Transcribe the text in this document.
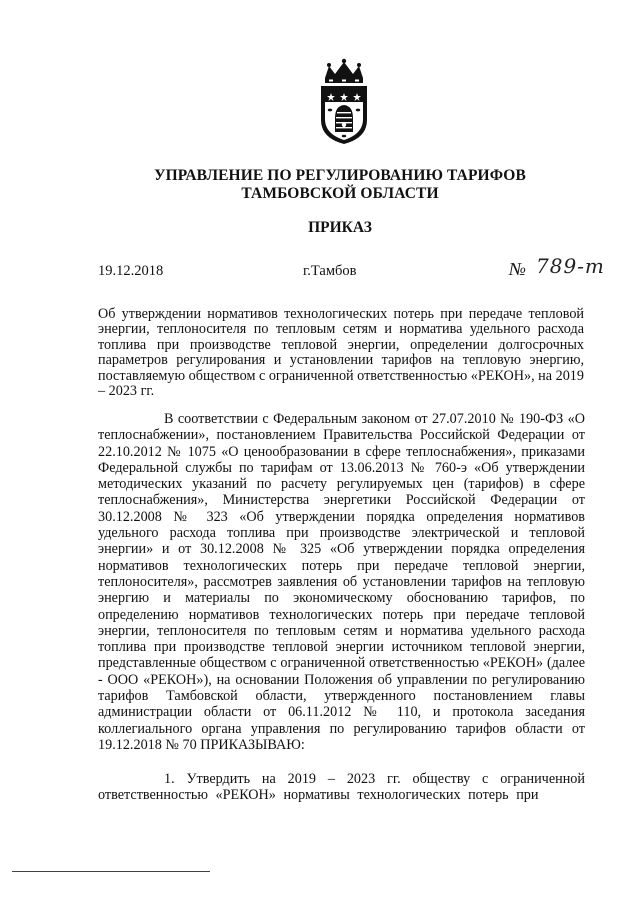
УПРАВЛЕНИЕ ПО РЕГУЛИРОВАНИЮ ТАРИФОВ
ТАМБОВСКОЙ ОБЛАСТИ
ПРИКАЗ
19.12.2018	г.Тамбов	№ 789-т
Об утверждении нормативов технологических потерь при передаче тепловой энергии, теплоносителя по тепловым сетям и норматива удельного расхода топлива при производстве тепловой энергии, определении долгосрочных параметров регулирования и установлении тарифов на тепловую энергию, поставляемую обществом с ограниченной ответственностью «РЕКОН», на 2019 – 2023 гг.
В соответствии с Федеральным законом от 27.07.2010 № 190-ФЗ «О теплоснабжении», постановлением Правительства Российской Федерации от 22.10.2012 № 1075 «О ценообразовании в сфере теплоснабжения», приказами Федеральной службы по тарифам от 13.06.2013 № 760-э «Об утверждении методических указаний по расчету регулируемых цен (тарифов) в сфере теплоснабжения», Министерства энергетики Российской Федерации от 30.12.2008 № 323 «Об утверждении порядка определения нормативов удельного расхода топлива при производстве электрической и тепловой энергии» и от 30.12.2008 № 325 «Об утверждении порядка определения нормативов технологических потерь при передаче тепловой энергии, теплоносителя», рассмотрев заявления об установлении тарифов на тепловую энергию и материалы по экономическому обоснованию тарифов, по определению нормативов технологических потерь при передаче тепловой энергии, теплоносителя по тепловым сетям и норматива удельного расхода топлива при производстве тепловой энергии источником тепловой энергии, представленные обществом с ограниченной ответственностью «РЕКОН» (далее - ООО «РЕКОН»), на основании Положения об управлении по регулированию тарифов Тамбовской области, утвержденного постановлением главы администрации области от 06.11.2012 № 110, и протокола заседания коллегиального органа управления по регулированию тарифов области от 19.12.2018 № 70 ПРИКАЗЫВАЮ:
1. Утвердить на 2019 – 2023 гг. обществу с ограниченной ответственностью «РЕКОН» нормативы технологических потерь при
